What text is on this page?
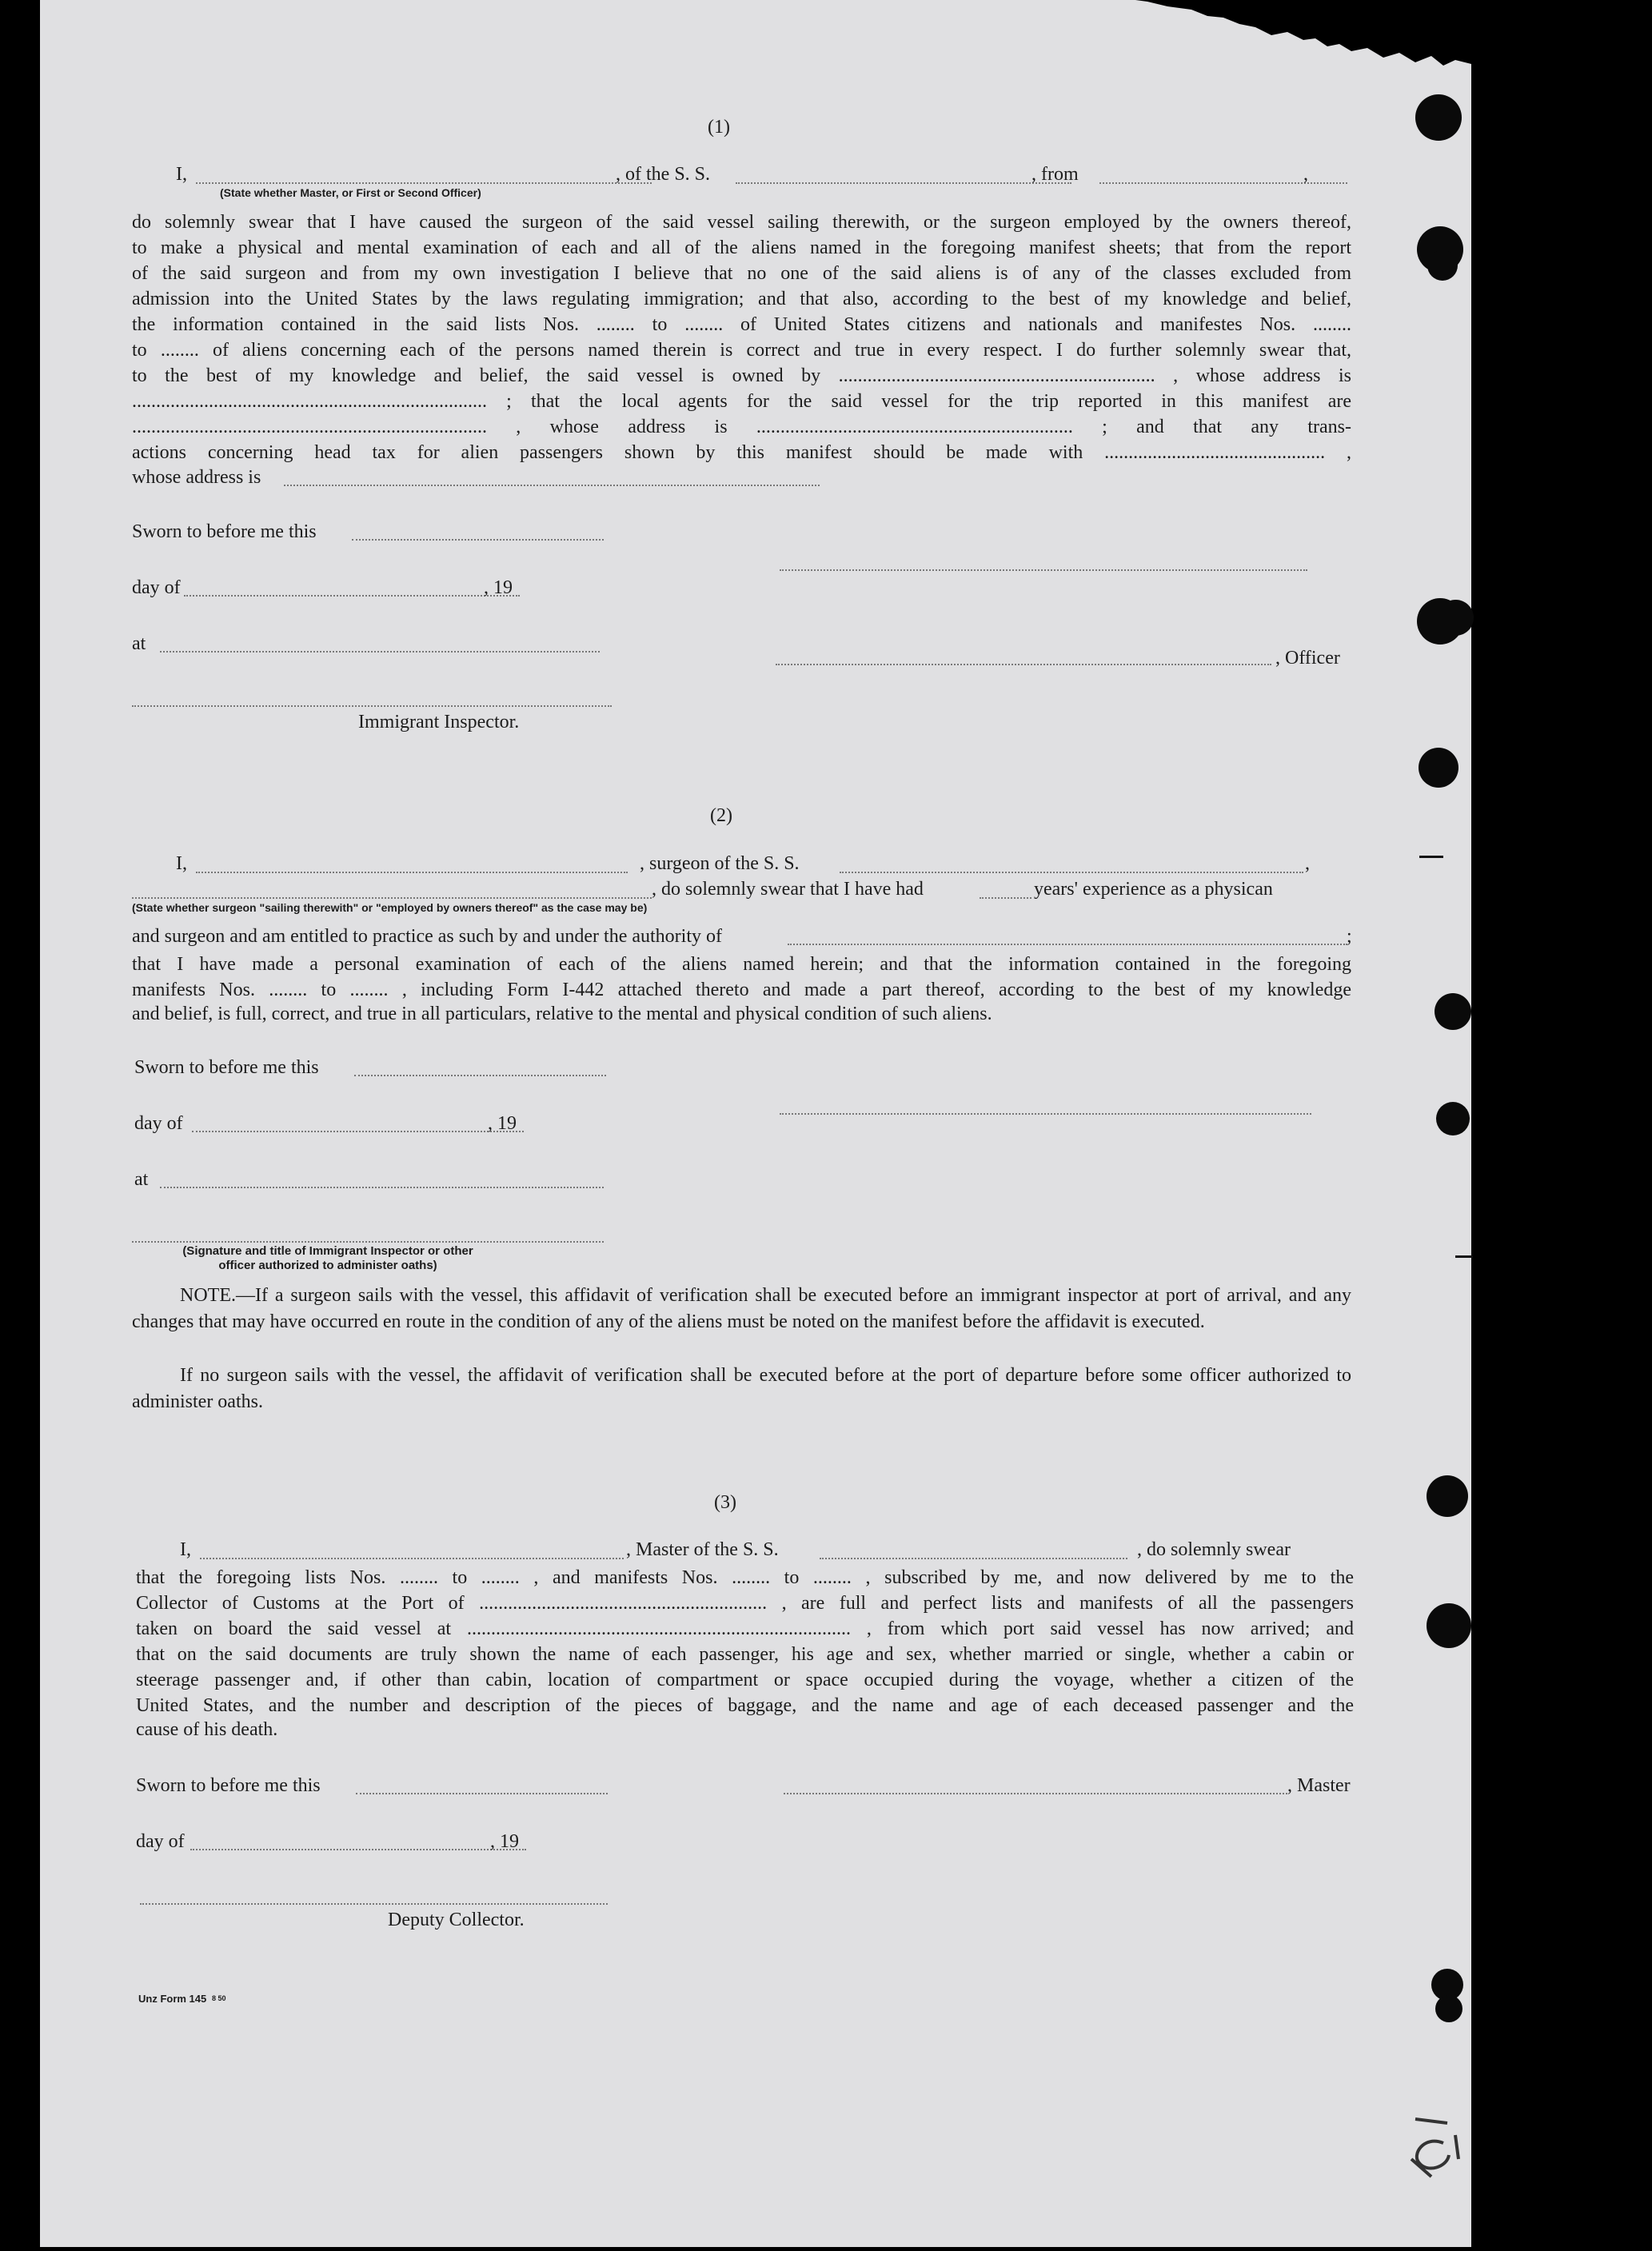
(1)
I,	, of the S. S.	, from	,
(State whether Master, or First or Second Officer)
do solemnly swear that I have caused the surgeon of the said vessel sailing therewith, or the surgeon employed by the owners thereof,
to make a physical and mental examination of each and all of the aliens named in the foregoing manifest sheets; that from the report
of the said surgeon and from my own investigation I believe that no one of the said aliens is of any of the classes excluded from
admission into the United States by the laws regulating immigration; and that also, according to the best of my knowledge and belief,
the information contained in the said lists Nos. ........ to ........ of United States citizens and nationals and manifestes Nos. ........
to ........ of aliens concerning each of the persons named therein is correct and true in every respect. I do further solemnly swear that,
to the best of my knowledge and belief, the said vessel is owned by .................................................................. , whose address is
.......................................................................... ; that the local agents for the said vessel for the trip reported in this manifest are
.......................................................................... , whose address is .................................................................. ; and that any trans-
actions concerning head tax for alien passengers shown by this manifest should be made with .............................................. ,
whose address is
Sworn to before me this
day of	, 19
at
, Officer
Immigrant Inspector.
(2)
I,	, surgeon of the S. S.	,
, do solemnly swear that I have had	years' experience as a physican
(State whether surgeon "sailing therewith" or "employed by owners thereof" as the case may be)
and surgeon and am entitled to practice as such by and under the authority of	;
that I have made a personal examination of each of the aliens named herein; and that the information contained in the foregoing
manifests Nos. ........ to ........ , including Form I-442 attached thereto and made a part thereof, according to the best of my knowledge
and belief, is full, correct, and true in all particulars, relative to the mental and physical condition of such aliens.
Sworn to before me this
day of	, 19
at
(Signature and title of Immigrant Inspector or other officer authorized to administer oaths)
NOTE.—If a surgeon sails with the vessel, this affidavit of verification shall be executed before an immigrant inspector at port of arrival, and any changes that may have occurred en route in the condition of any of the aliens must be noted on the manifest before the affidavit is executed.
If no surgeon sails with the vessel, the affidavit of verification shall be executed before at the port of departure before some officer authorized to administer oaths.
(3)
I,	, Master of the S. S.	, do solemnly swear
that the foregoing lists Nos. ........ to ........ , and manifests Nos. ........ to ........ , subscribed by me, and now delivered by me to the
Collector of Customs at the Port of ............................................................ , are full and perfect lists and manifests of all the passengers
taken on board the said vessel at ................................................................................ , from which port said vessel has now arrived; and
that on the said documents are truly shown the name of each passenger, his age and sex, whether married or single, whether a cabin or
steerage passenger and, if other than cabin, location of compartment or space occupied during the voyage, whether a citizen of the
United States, and the number and description of the pieces of baggage, and the name and age of each deceased passenger and the
cause of his death.
Sworn to before me this	, Master
day of	, 19
Deputy Collector.
Unz Form 145 8 50
